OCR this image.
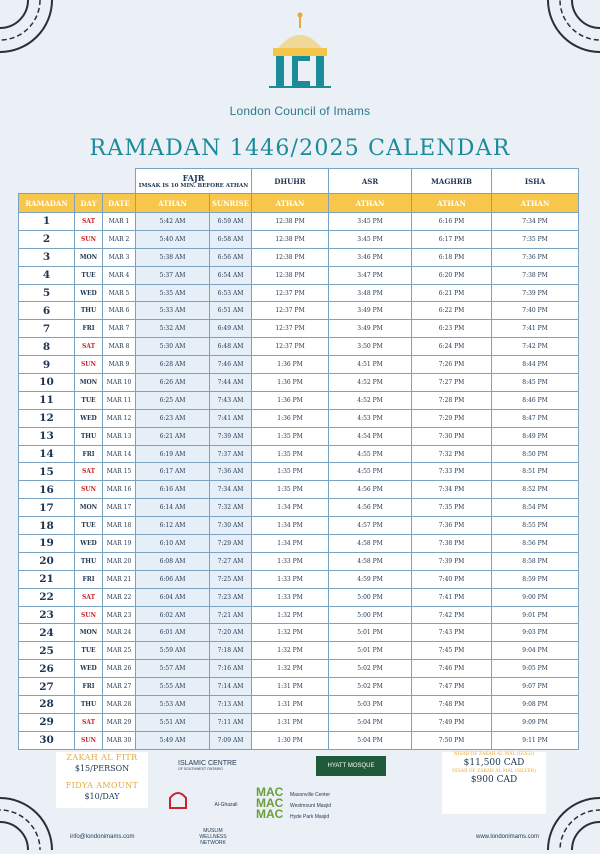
London Council of Imams
RAMADAN 1446/2025 CALENDAR

			FAJR
IMSAK IS 10 MIN. BEFORE ATHAN		DHUHR	ASR	MAGHRIB	ISHA
RAMADAN	DAY	DATE	ATHAN	SUNRISE	ATHAN	ATHAN	ATHAN	ATHAN
1	SAT	MAR 1	5:42 AM	6:59 AM	12:38 PM	3:45 PM	6:16 PM	7:34 PM
2	SUN	MAR 2	5:40 AM	6:58 AM	12:38 PM	3:45 PM	6:17 PM	7:35 PM
3	MON	MAR 3	5:38 AM	6:56 AM	12:38 PM	3:46 PM	6:18 PM	7:36 PM
4	TUE	MAR 4	5:37 AM	6:54 AM	12:38 PM	3:47 PM	6:20 PM	7:38 PM
5	WED	MAR 5	5:35 AM	6:53 AM	12:37 PM	3:48 PM	6:21 PM	7:39 PM
6	THU	MAR 6	5:33 AM	6:51 AM	12:37 PM	3:49 PM	6:22 PM	7:40 PM
7	FRI	MAR 7	5:32 AM	6:49 AM	12:37 PM	3:49 PM	6:23 PM	7:41 PM
8	SAT	MAR 8	5:30 AM	6:48 AM	12:37 PM	3:50 PM	6:24 PM	7:42 PM
9	SUN	MAR 9	6:28 AM	7:46 AM	1:36 PM	4:51 PM	7:26 PM	8:44 PM
10	MON	MAR 10	6:26 AM	7:44 AM	1:36 PM	4:52 PM	7:27 PM	8:45 PM
11	TUE	MAR 11	6:25 AM	7:43 AM	1:36 PM	4:52 PM	7:28 PM	8:46 PM
12	WED	MAR 12	6:23 AM	7:41 AM	1:36 PM	4:53 PM	7:29 PM	8:47 PM
13	THU	MAR 13	6:21 AM	7:39 AM	1:35 PM	4:54 PM	7:30 PM	8:49 PM
14	FRI	MAR 14	6:19 AM	7:37 AM	1:35 PM	4:55 PM	7:32 PM	8:50 PM
15	SAT	MAR 15	6:17 AM	7:36 AM	1:35 PM	4:55 PM	7:33 PM	8:51 PM
16	SUN	MAR 16	6:16 AM	7:34 AM	1:35 PM	4:56 PM	7:34 PM	8:52 PM
17	MON	MAR 17	6:14 AM	7:32 AM	1:34 PM	4:56 PM	7:35 PM	8:54 PM
18	TUE	MAR 18	6:12 AM	7:30 AM	1:34 PM	4:57 PM	7:36 PM	8:55 PM
19	WED	MAR 19	6:10 AM	7:29 AM	1:34 PM	4:58 PM	7:38 PM	8:56 PM
20	THU	MAR 20	6:08 AM	7:27 AM	1:33 PM	4:58 PM	7:39 PM	8:58 PM
21	FRI	MAR 21	6:06 AM	7:25 AM	1:33 PM	4:59 PM	7:40 PM	8:59 PM
22	SAT	MAR 22	6:04 AM	7:23 AM	1:33 PM	5:00 PM	7:41 PM	9:00 PM
23	SUN	MAR 23	6:02 AM	7:21 AM	1:32 PM	5:00 PM	7:42 PM	9:01 PM
24	MON	MAR 24	6:01 AM	7:20 AM	1:32 PM	5:01 PM	7:43 PM	9:03 PM
25	TUE	MAR 25	5:59 AM	7:18 AM	1:32 PM	5:01 PM	7:45 PM	9:04 PM
26	WED	MAR 26	5:57 AM	7:16 AM	1:32 PM	5:02 PM	7:46 PM	9:05 PM
27	FRI	MAR 27	5:55 AM	7:14 AM	1:31 PM	5:02 PM	7:47 PM	9:07 PM
28	THU	MAR 28	5:53 AM	7:13 AM	1:31 PM	5:03 PM	7:48 PM	9:08 PM
29	SAT	MAR 29	5:51 AM	7:11 AM	1:31 PM	5:04 PM	7:49 PM	9:09 PM
30	SUN	MAR 30	5:49 AM	7:09 AM	1:30 PM	5:04 PM	7:50 PM	9:11 PM
ZAKAH AL FITR
$15/PERSON
FIDYA AMOUNT
$10/DAY
ISLAMIC CENTRE
OF SOUTHWEST ONTARIO	HYATT MOSQUE
Al-Ghazali
MAC Masonville Center
MAC Westmount Masjid
MAC Hyde Park Masjid
MUSLIM WELLNESS NETWORK
NISAB OF ZAKAH AL MAL (GOLD)
$11,500 CAD
NISAB OF ZAKAH AL MAL (SILVER)
$900 CAD
info@londonimams.com	www.londonimams.com
